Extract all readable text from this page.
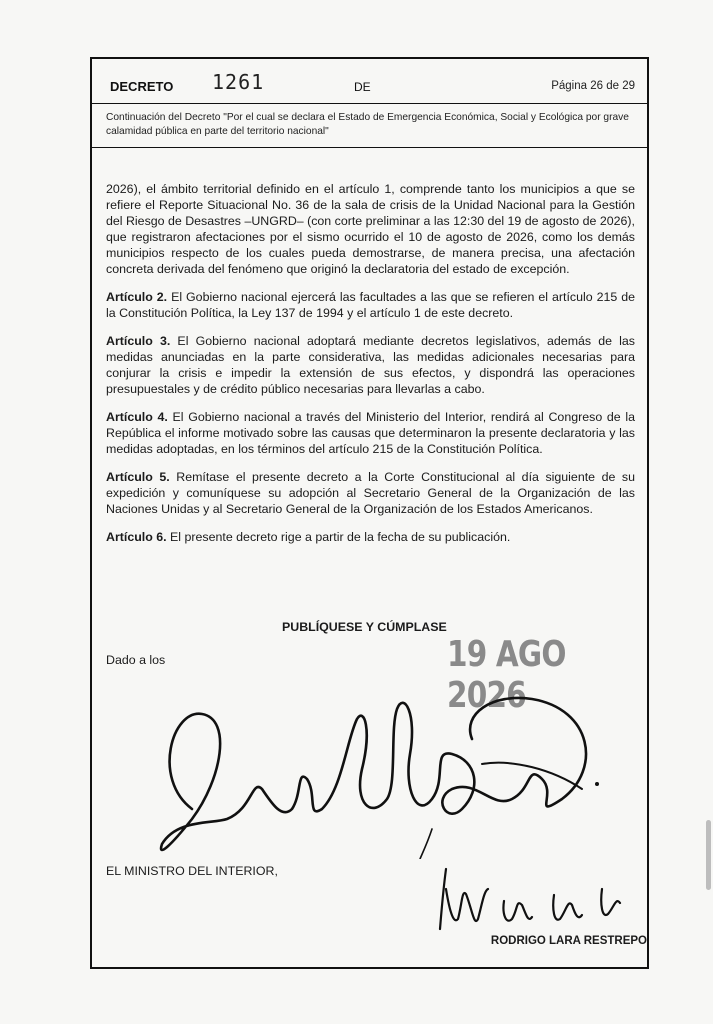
DECRETO 1261	DE	Página 26 de 29
Continuación del Decreto "Por el cual se declara el Estado de Emergencia Económica, Social y Ecológica por grave calamidad pública en parte del territorio nacional"

2026), el ámbito territorial definido en el artículo 1, comprende tanto los municipios a que se refiere el Reporte Situacional No. 36 de la sala de crisis de la Unidad Nacional para la Gestión del Riesgo de Desastres –UNGRD– (con corte preliminar a las 12:30 del 19 de agosto de 2026), que registraron afectaciones por el sismo ocurrido el 10 de agosto de 2026, como los demás municipios respecto de los cuales pueda demostrarse, de manera precisa, una afectación concreta derivada del fenómeno que originó la declaratoria del estado de excepción.

Artículo 2. El Gobierno nacional ejercerá las facultades a las que se refieren el artículo 215 de la Constitución Política, la Ley 137 de 1994 y el artículo 1 de este decreto.

Artículo 3. El Gobierno nacional adoptará mediante decretos legislativos, además de las medidas anunciadas en la parte considerativa, las medidas adicionales necesarias para conjurar la crisis e impedir la extensión de sus efectos, y dispondrá las operaciones presupuestales y de crédito público necesarias para llevarlas a cabo.

Artículo 4. El Gobierno nacional a través del Ministerio del Interior, rendirá al Congreso de la República el informe motivado sobre las causas que determinaron la presente declaratoria y las medidas adoptadas, en los términos del artículo 215 de la Constitución Política.

Artículo 5. Remítase el presente decreto a la Corte Constitucional al día siguiente de su expedición y comuníquese su adopción al Secretario General de la Organización de las Naciones Unidas y al Secretario General de la Organización de los Estados Americanos.

Artículo 6. El presente decreto rige a partir de la fecha de su publicación.

PUBLÍQUESE Y CÚMPLASE
Dado a los	19 AGO 2026
EL MINISTRO DEL INTERIOR,
RODRIGO LARA RESTREPO
